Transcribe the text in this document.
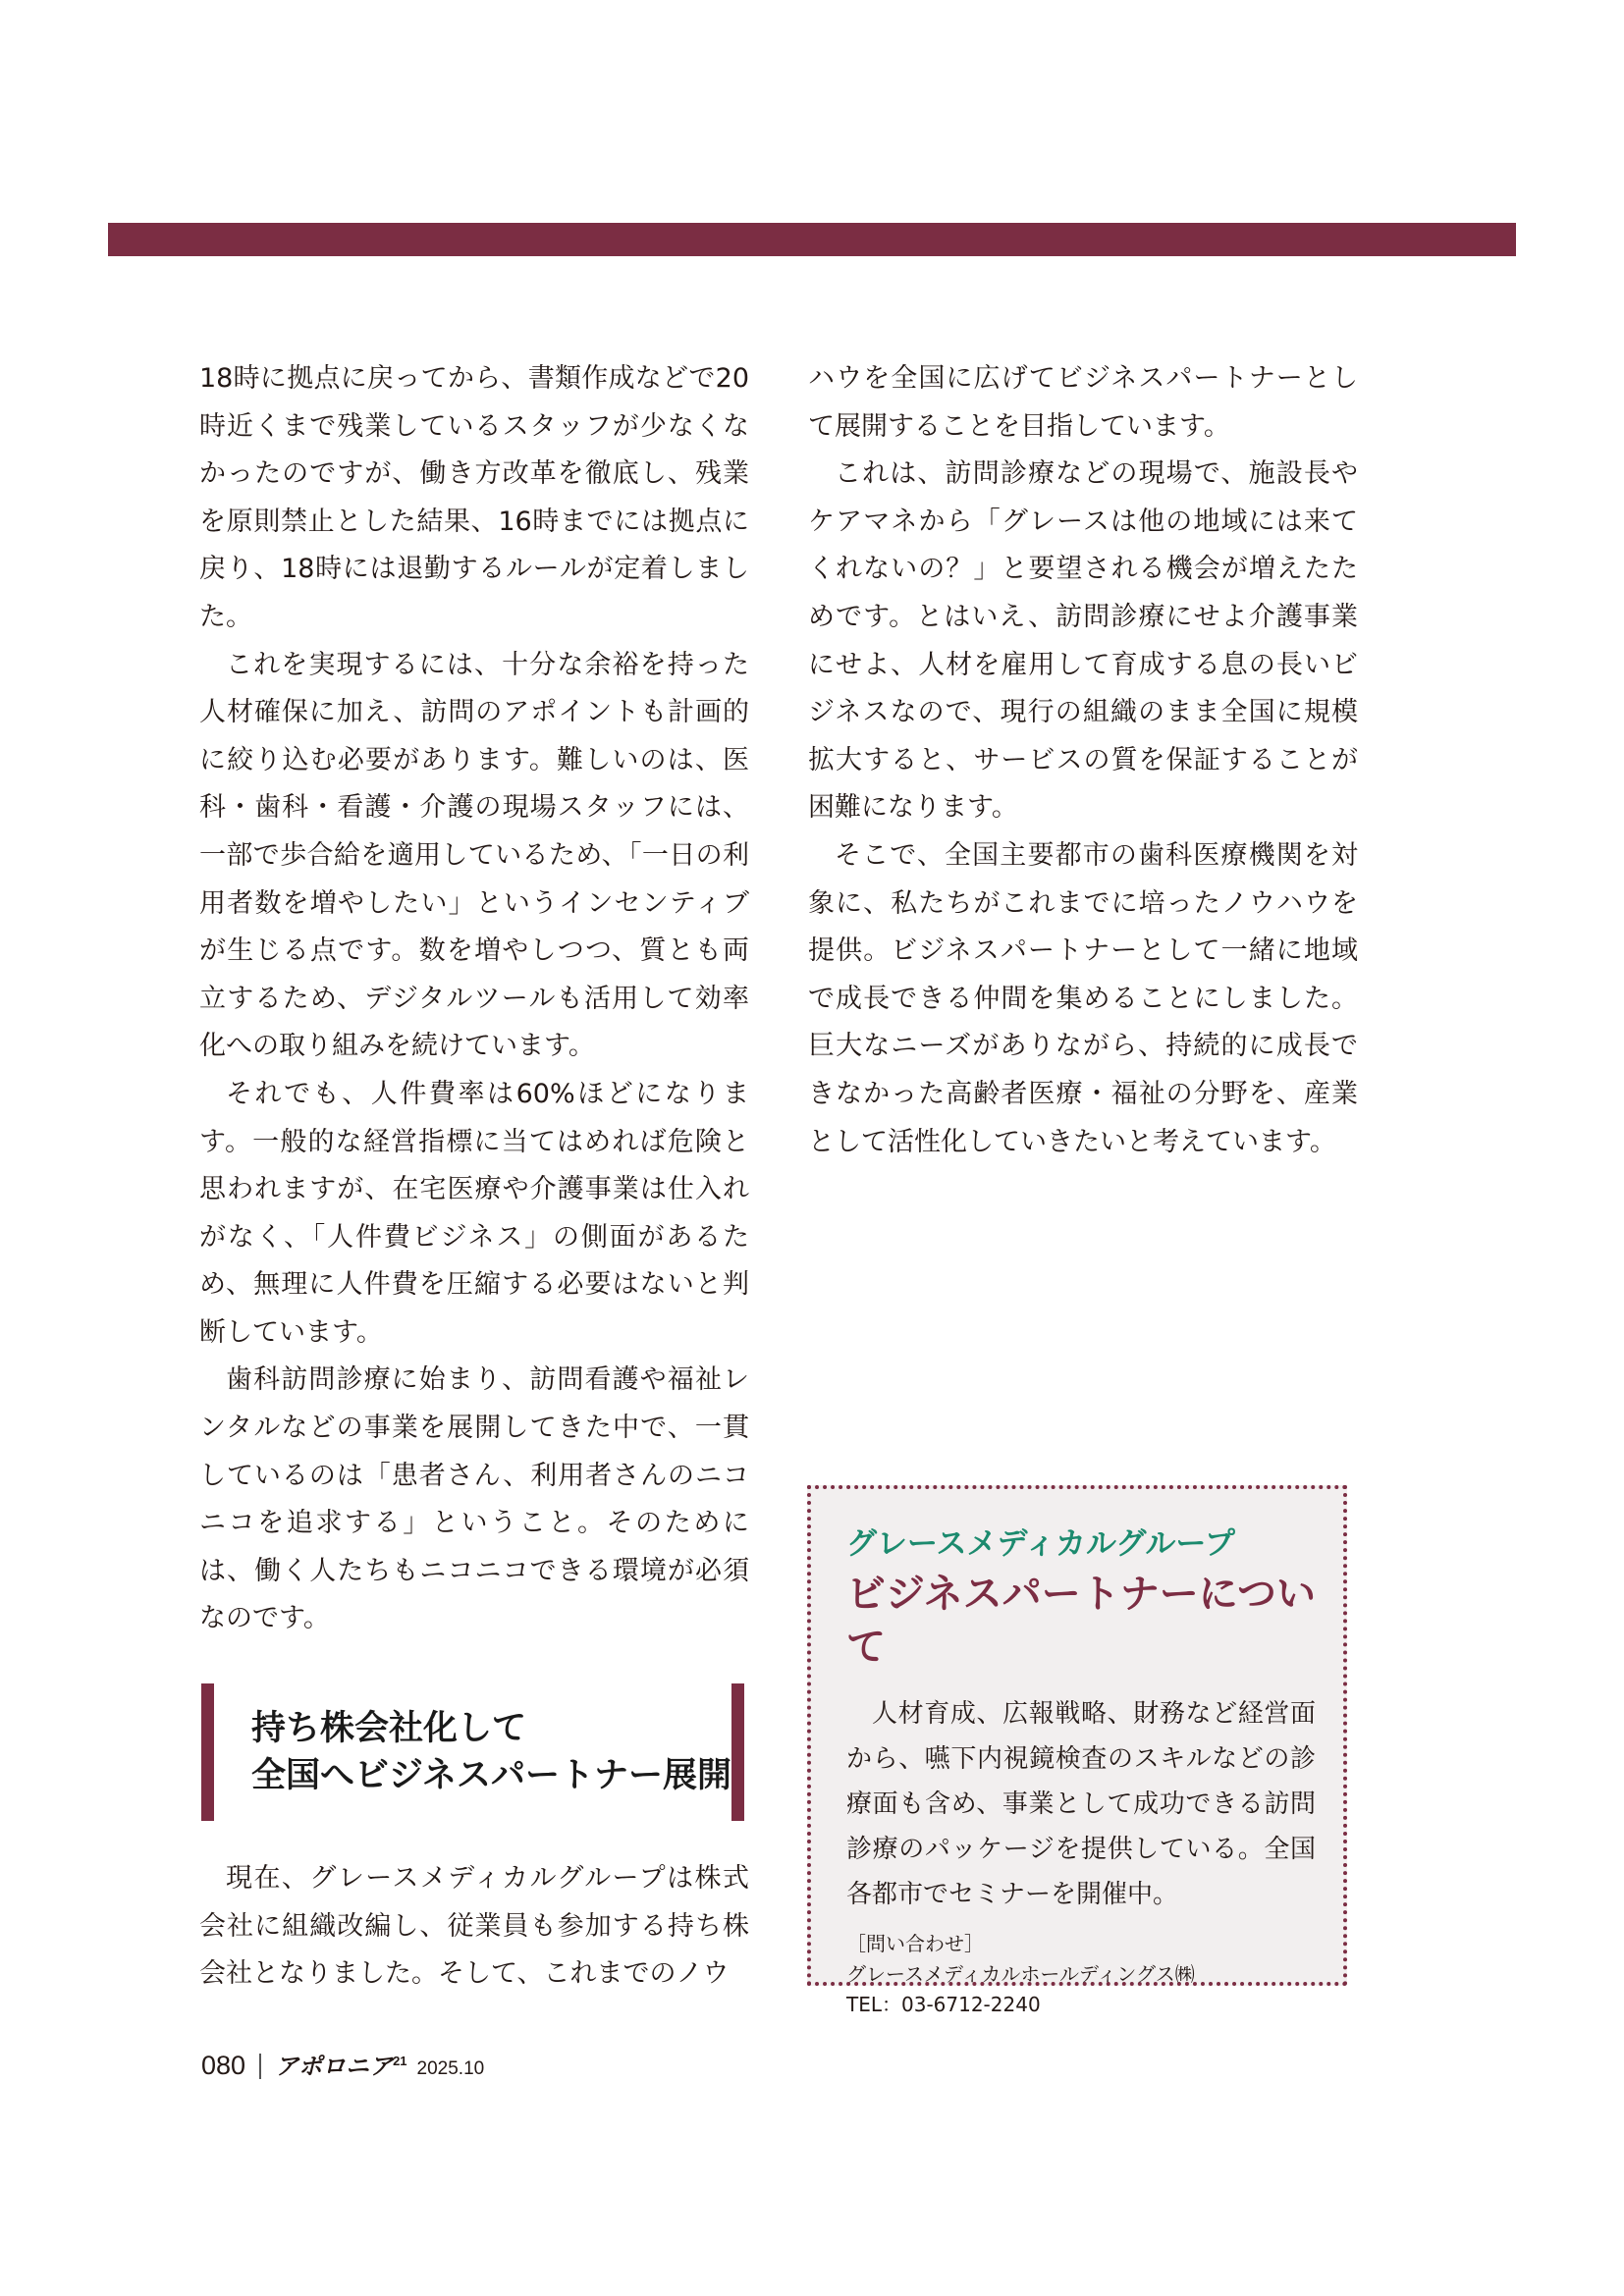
18時に拠点に戻ってから、書類作成などで20時近くまで残業しているスタッフが少なくなかったのですが、働き方改革を徹底し、残業を原則禁止とした結果、16時までには拠点に戻り、18時には退勤するルールが定着しました。

これを実現するには、十分な余裕を持った人材確保に加え、訪問のアポイントも計画的に絞り込む必要があります。難しいのは、医科・歯科・看護・介護の現場スタッフには、一部で歩合給を適用しているため、「一日の利用者数を増やしたい」というインセンティブが生じる点です。数を増やしつつ、質とも両立するため、デジタルツールも活用して効率化への取り組みを続けています。

それでも、人件費率は60%ほどになります。一般的な経営指標に当てはめれば危険と思われますが、在宅医療や介護事業は仕入れがなく、「人件費ビジネス」の側面があるため、無理に人件費を圧縮する必要はないと判断しています。

歯科訪問診療に始まり、訪問看護や福祉レンタルなどの事業を展開してきた中で、一貫しているのは「患者さん、利用者さんのニコニコを追求する」ということ。そのためには、働く人たちもニコニコできる環境が必須なのです。

持ち株会社化して
全国へビジネスパートナー展開

現在、グレースメディカルグループは株式会社に組織改編し、従業員も参加する持ち株会社となりました。そして、これまでのノウ

ハウを全国に広げてビジネスパートナーとして展開することを目指しています。

これは、訪問診療などの現場で、施設長やケアマネから「グレースは他の地域には来てくれないの？」と要望される機会が増えたためです。とはいえ、訪問診療にせよ介護事業にせよ、人材を雇用して育成する息の長いビジネスなので、現行の組織のまま全国に規模拡大すると、サービスの質を保証することが困難になります。

そこで、全国主要都市の歯科医療機関を対象に、私たちがこれまでに培ったノウハウを提供。ビジネスパートナーとして一緒に地域で成長できる仲間を集めることにしました。巨大なニーズがありながら、持続的に成長できなかった高齢者医療・福祉の分野を、産業として活性化していきたいと考えています。

グレースメディカルグループ
ビジネスパートナーについて
人材育成、広報戦略、財務など経営面から、嚥下内視鏡検査のスキルなどの診療面も含め、事業として成功できる訪問診療のパッケージを提供している。全国各都市でセミナーを開催中。
［問い合わせ］
グレースメディカルホールディングス㈱
TEL：03-6712-2240
080 アポロニア$^{21}$ 2025.10
